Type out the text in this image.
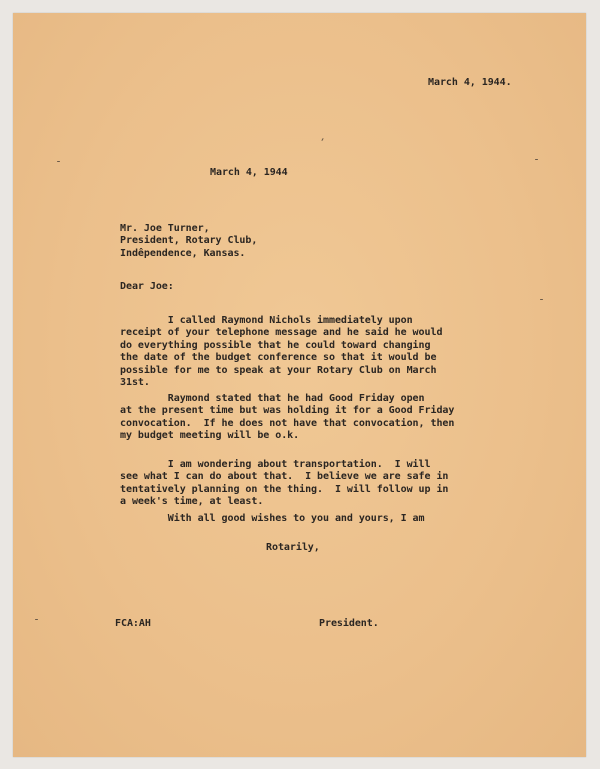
March 4, 1944.
March 4, 1944
Mr. Joe Turner,
President, Rotary Club,
Indêpendence, Kansas.
Dear Joe:
I called Raymond Nichols immediately upon
receipt of your telephone message and he said he would
do everything possible that he could toward changing
the date of the budget conference so that it would be
possible for me to speak at your Rotary Club on March
31st.
Raymond stated that he had Good Friday open
at the present time but was holding it for a Good Friday
convocation.  If he does not have that convocation, then
my budget meeting will be o.k.
I am wondering about transportation.  I will
see what I can do about that.  I believe we are safe in
tentatively planning on the thing.  I will follow up in
a week's time, at least.
With all good wishes to you and yours, I am
Rotarily,
FCA:AH	President.
